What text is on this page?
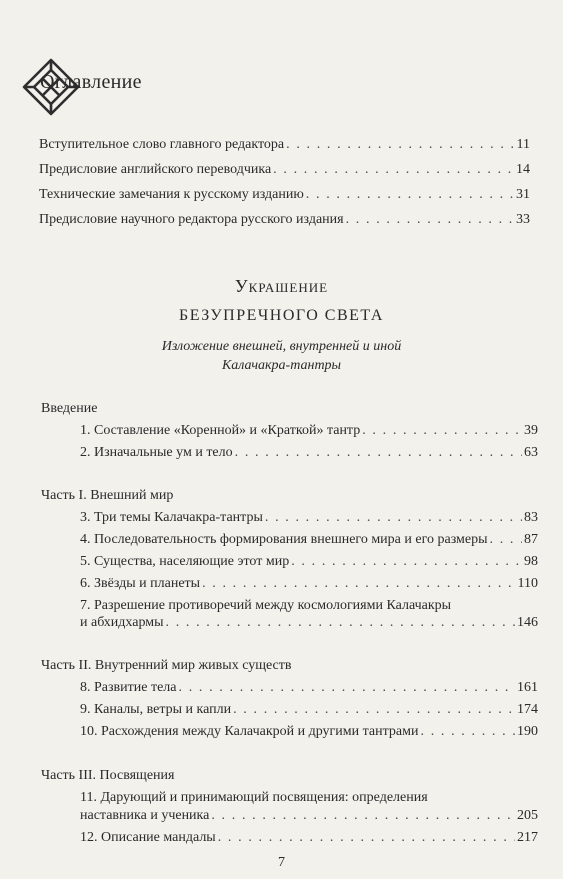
Оглавление
Вступительное слово главного редактора . . .	11
Предисловие английского переводчика . . .	14
Технические замечания к русскому изданию . . .	31
Предисловие научного редактора русского издания . . .	33
Украшение
БЕЗУПРЕЧНОГО СВЕТА
Изложение внешней, внутренней и иной
Калачакра-тантры
Введение
1. Составление «Коренной» и «Краткой» тантр . . .	39
2. Изначальные ум и тело . . .	63
Часть I. Внешний мир
3. Три темы Калачакра-тантры . . .	83
4. Последовательность формирования внешнего мира и его размеры . . .	87
5. Существа, населяющие этот мир . . .	98
6. Звёзды и планеты . . .	110
7. Разрешение противоречий между космологиями Калачакры
и абхидхармы . . .	146
Часть II. Внутренний мир живых существ
8. Развитие тела . . .	161
9. Каналы, ветры и капли . . .	174
10. Расхождения между Калачакрой и другими тантрами . . .	190
Часть III. Посвящения
11. Дарующий и принимающий посвящения: определения
наставника и ученика . . .	205
12. Описание мандалы . . .	217
7
